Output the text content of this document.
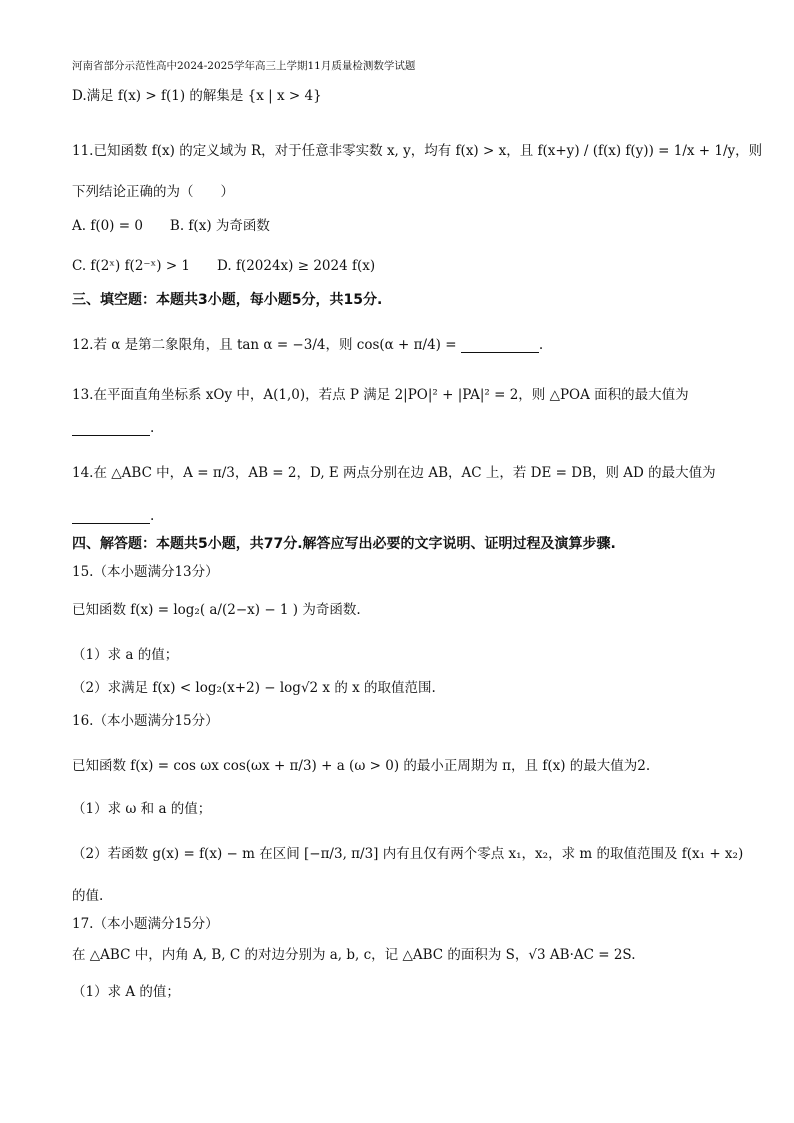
河南省部分示范性高中2024-2025学年高三上学期11月质量检测数学试题
D.满足 f(x) > f(1) 的解集是 {x | x > 4}
11.已知函数 f(x) 的定义域为 R，对于任意非零实数 x, y，均有 f(x) > x，且 f(x+y) / (f(x) f(y)) = 1/x + 1/y，则
下列结论正确的为（　　）
A. f(0) = 0　　B. f(x) 为奇函数
C. f(2ˣ) f(2⁻ˣ) > 1　　D. f(2024x) ≥ 2024 f(x)
三、填空题：本题共3小题，每小题5分，共15分.
12.若 α 是第二象限角，且 tan α = −3/4，则 cos(α + π/4) =	.
13.在平面直角坐标系 xOy 中，A(1,0)，若点 P 满足 2|PO|² + |PA|² = 2，则 △POA 面积的最大值为
.
14.在 △ABC 中，A = π/3，AB = 2，D, E 两点分别在边 AB，AC 上，若 DE = DB，则 AD 的最大值为
.
四、解答题：本题共5小题，共77分.解答应写出必要的文字说明、证明过程及演算步骤.
15.（本小题满分13分）
已知函数 f(x) = log₂( a/(2−x) − 1 ) 为奇函数.
（1）求 a 的值；
（2）求满足 f(x) < log₂(x+2) − log√2 x 的 x 的取值范围.
16.（本小题满分15分）
已知函数 f(x) = cos ωx cos(ωx + π/3) + a (ω > 0) 的最小正周期为 π，且 f(x) 的最大值为2.
（1）求 ω 和 a 的值；
（2）若函数 g(x) = f(x) − m 在区间 [−π/3, π/3] 内有且仅有两个零点 x₁，x₂，求 m 的取值范围及 f(x₁ + x₂)
的值.
17.（本小题满分15分）
在 △ABC 中，内角 A, B, C 的对边分别为 a, b, c，记 △ABC 的面积为 S，√3 AB·AC = 2S.
（1）求 A 的值；
